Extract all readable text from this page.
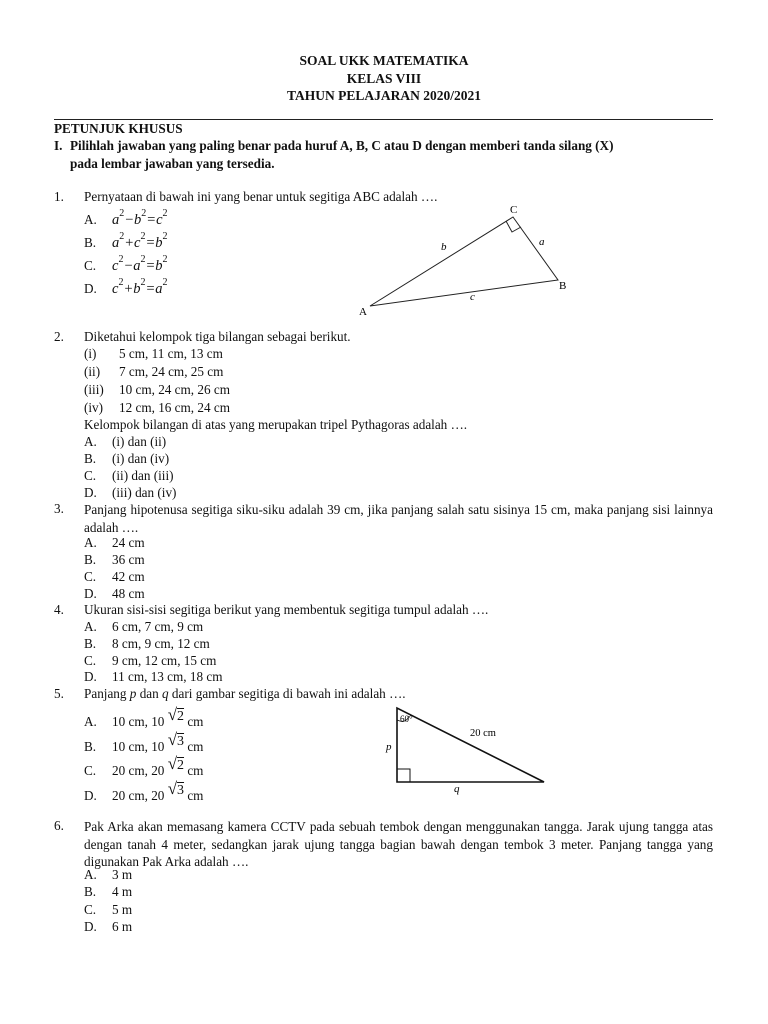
SOAL UKK MATEMATIKA
KELAS VIII
TAHUN PELAJARAN 2020/2021
PETUNJUK KHUSUS
I. Pilihlah jawaban yang paling benar pada huruf A, B, C atau D dengan memberi tanda silang (X)
pada lembar jawaban yang tersedia.
1. Pernyataan di bawah ini yang benar untuk segitiga ABC adalah ….
A. $a^2-b^2=c^2$
B. $a^2+c^2=b^2$
C. $c^2-a^2=b^2$
D. $c^2+b^2=a^2$
A
B
C
a
b
c
2. Diketahui kelompok tiga bilangan sebagai berikut.
(i) 5 cm, 11 cm, 13 cm
(ii) 7 cm, 24 cm, 25 cm
(iii) 10 cm, 24 cm, 26 cm
(iv) 12 cm, 16 cm, 24 cm
Kelompok bilangan di atas yang merupakan tripel Pythagoras adalah ….
A. (i) dan (ii)
B. (i) dan (iv)
C. (ii) dan (iii)
D. (iii) dan (iv)
3. Panjang hipotenusa segitiga siku-siku adalah 39 cm, jika panjang salah satu sisinya 15 cm, maka panjang sisi lainnya adalah ….
A. 24 cm
B. 36 cm
C. 42 cm
D. 48 cm
4. Ukuran sisi-sisi segitiga berikut yang membentuk segitiga tumpul adalah ….
A. 6 cm, 7 cm, 9 cm
B. 8 cm, 9 cm, 12 cm
C. 9 cm, 12 cm, 15 cm
D. 11 cm, 13 cm, 18 cm
5. Panjang p dan q dari gambar segitiga di bawah ini adalah ….
A. 10 cm, 10 √2 cm
B. 10 cm, 10 √3 cm
C. 20 cm, 20 √2 cm
D. 20 cm, 20 √3 cm
60°
20 cm
p
q
6. Pak Arka akan memasang kamera CCTV pada sebuah tembok dengan menggunakan tangga. Jarak ujung tangga atas dengan tanah 4 meter, sedangkan jarak ujung tangga bagian bawah dengan tembok 3 meter. Panjang tangga yang digunakan Pak Arka adalah ….
A. 3 m
B. 4 m
C. 5 m
D. 6 m
